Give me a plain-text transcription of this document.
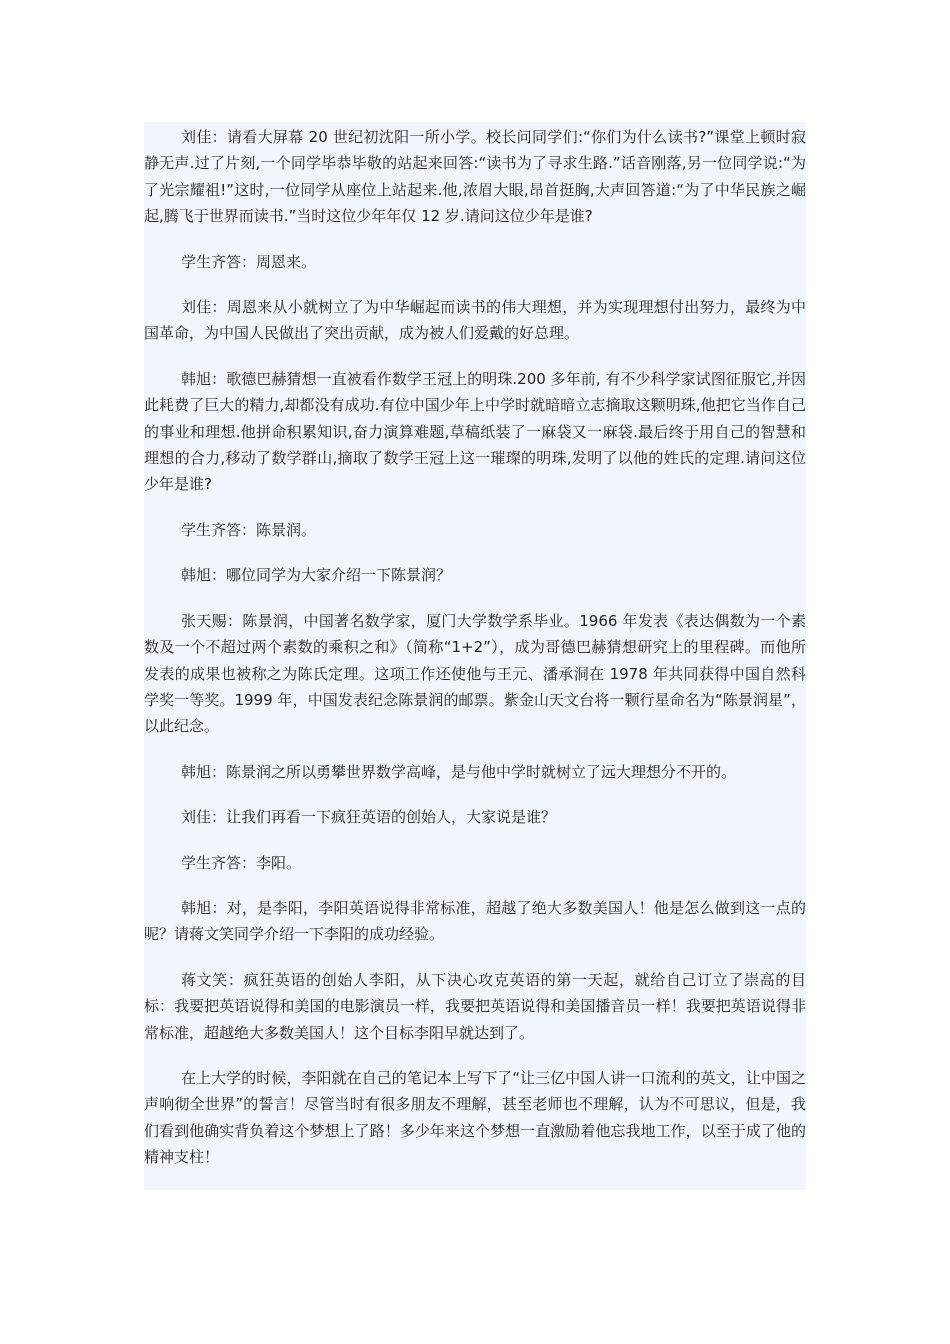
刘佳：请看大屏幕 20 世纪初沈阳一所小学。校长问同学们:“你们为什么读书?”课堂上顿时寂静无声.过了片刻,一个同学毕恭毕敬的站起来回答:“读书为了寻求生路.”话音刚落,另一位同学说:“为了光宗耀祖!”这时,一位同学从座位上站起来.他,浓眉大眼,昂首挺胸,大声回答道:“为了中华民族之崛起,腾飞于世界而读书.”当时这位少年年仅 12 岁.请问这位少年是谁?

学生齐答：周恩来。

刘佳：周恩来从小就树立了为中华崛起而读书的伟大理想，并为实现理想付出努力，最终为中国革命，为中国人民做出了突出贡献，成为被人们爱戴的好总理。

韩旭：歌德巴赫猜想一直被看作数学王冠上的明珠.200 多年前, 有不少科学家试图征服它,并因此耗费了巨大的精力,却都没有成功.有位中国少年上中学时就暗暗立志摘取这颗明珠,他把它当作自己的事业和理想.他拼命积累知识,奋力演算难题,草稿纸装了一麻袋又一麻袋.最后终于用自己的智慧和理想的合力,移动了数学群山,摘取了数学王冠上这一璀璨的明珠,发明了以他的姓氏的定理.请问这位少年是谁?

学生齐答：陈景润。

韩旭：哪位同学为大家介绍一下陈景润？

张天赐：陈景润，中国著名数学家，厦门大学数学系毕业。1966 年发表《表达偶数为一个素数及一个不超过两个素数的乘积之和》（简称“1+2”），成为哥德巴赫猜想研究上的里程碑。而他所发表的成果也被称之为陈氏定理。这项工作还使他与王元、潘承洞在 1978 年共同获得中国自然科学奖一等奖。1999 年，中国发表纪念陈景润的邮票。紫金山天文台将一颗行星命名为“陈景润星”，以此纪念。

韩旭：陈景润之所以勇攀世界数学高峰，是与他中学时就树立了远大理想分不开的。

刘佳：让我们再看一下疯狂英语的创始人，大家说是谁？

学生齐答：李阳。

韩旭：对，是李阳，李阳英语说得非常标准，超越了绝大多数美国人！他是怎么做到这一点的呢？请蒋文笑同学介绍一下李阳的成功经验。

蒋文笑：疯狂英语的创始人李阳，从下决心攻克英语的第一天起，就给自己订立了崇高的目标：我要把英语说得和美国的电影演员一样，我要把英语说得和美国播音员一样！我要把英语说得非常标准，超越绝大多数美国人！这个目标李阳早就达到了。

在上大学的时候，李阳就在自己的笔记本上写下了“让三亿中国人讲一口流利的英文，让中国之声响彻全世界”的誓言！尽管当时有很多朋友不理解，甚至老师也不理解，认为不可思议，但是，我们看到他确实背负着这个梦想上了路！多少年来这个梦想一直激励着他忘我地工作，以至于成了他的精神支柱！
